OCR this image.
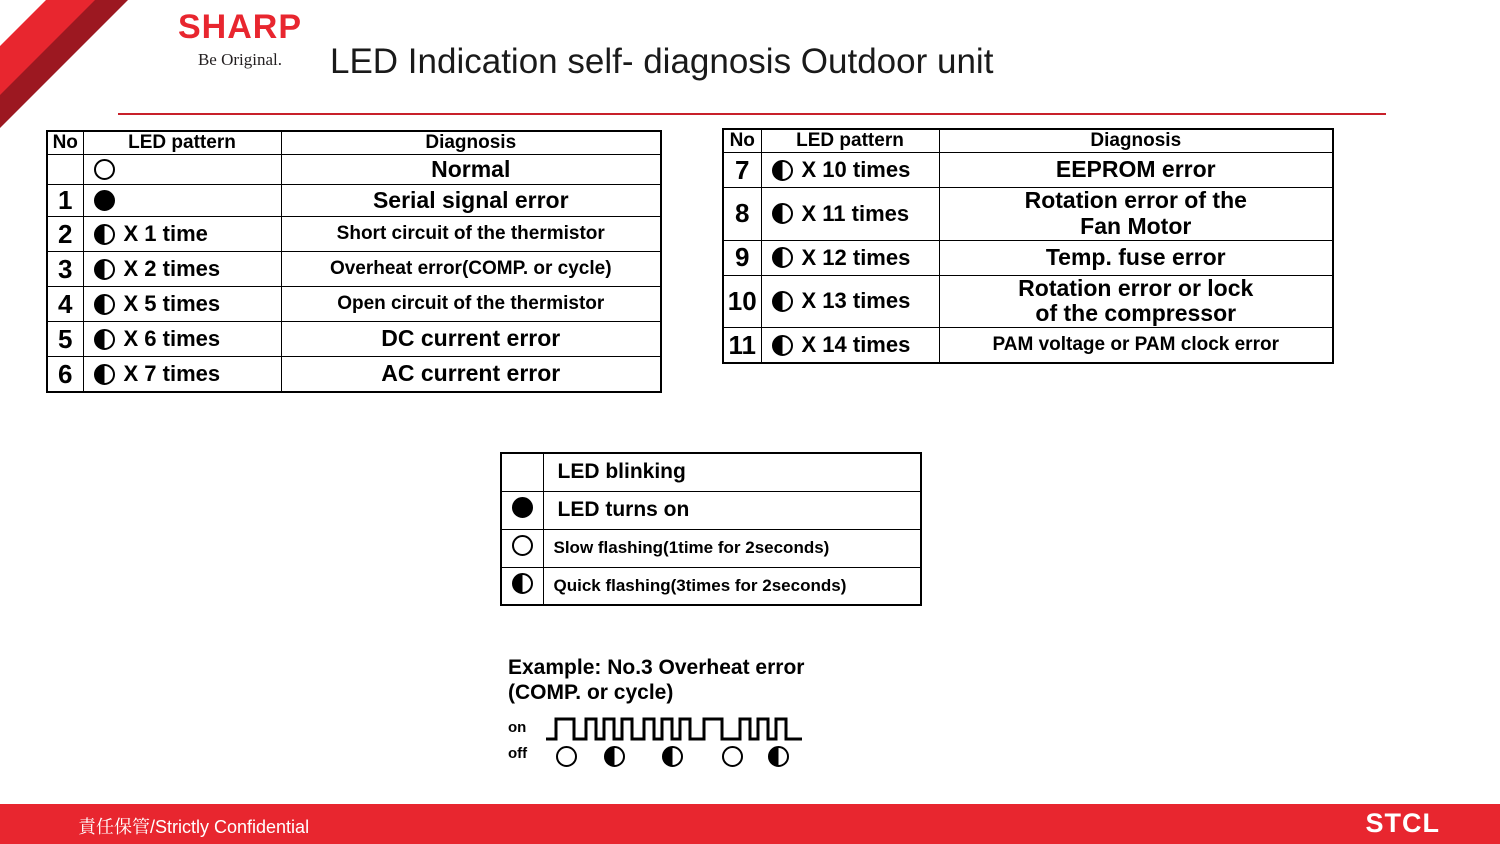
SHARP
Be Original.	LED Indication self- diagnosis Outdoor unit
No	LED pattern	Diagnosis

		Normal

1		Serial signal error

2	X 1 time	Short circuit of the thermistor

3	X 2 times	Overheat error(COMP. or cycle)

4	X 5 times	Open circuit of the thermistor

5	X 6 times	DC current error

6	X 7 times	AC current error
No	LED pattern	Diagnosis
7	X 10 times	EEPROM error

8	X 11 times	Rotation error of the
Fan Motor

9	X 12 times	Temp. fuse error

10	X 13 times	Rotation error or lock
of the compressor

11	X 14 times	PAM voltage or PAM clock error
	LED blinking
	LED turns on
	Slow flashing(1time for 2seconds)
	Quick flashing(3times for 2seconds)
Example: No.3 Overheat error
(COMP. or cycle)
on
off
責任保管/Strictly Confidential	STCL
